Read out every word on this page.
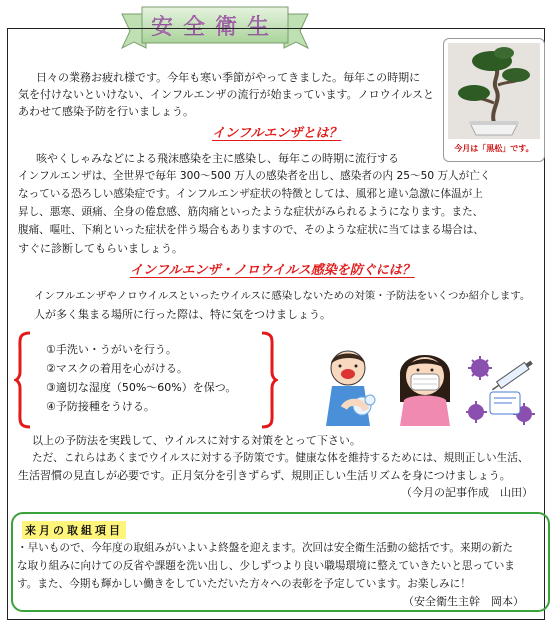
安全衛生
今月は「黒松」です。
日々の業務お疲れ様です。今年も寒い季節がやってきました。毎年この時期に
気を付けないといけない、インフルエンザの流行が始まっています。ノロウイルスと
あわせて感染予防を行いましょう。
インフルエンザとは？
咳やくしゃみなどによる飛沫感染を主に感染し、毎年この時期に流行する
インフルエンザは、全世界で毎年 300～500 万人の感染者を出し、感染者の内 25～50 万人が亡く
なっている恐ろしい感染症です。インフルエンザ症状の特徴としては、風邪と違い急激に体温が上
昇し、悪寒、頭痛、全身の倦怠感、筋肉痛といったような症状がみられるようになります。また、
腹痛、嘔吐、下痢といった症状を伴う場合もありますので、そのような症状に当てはまる場合は、
すぐに診断してもらいましょう。
インフルエンザ・ノロウイルス感染を防ぐには？
インフルエンザやノロウイルスといったウイルスに感染しないための対策・予防法をいくつか紹介します。
人が多く集まる場所に行った際は、特に気をつけましょう。
①手洗い・うがいを行う。
②マスクの着用を心がける。
③適切な湿度（50%～60%）を保つ。
④予防接種をうける。
以上の予防法を実践して、ウイルスに対する対策をとって下さい。
ただ、これらはあくまでウイルスに対する予防策です。健康な体を維持するためには、規則正しい生活、
生活習慣の見直しが必要です。正月気分を引きずらず、規則正しい生活リズムを身につけましょう。
（今月の記事作成　山田）
来月の取組項目
・早いもので、今年度の取組みがいよいよ終盤を迎えます。次回は安全衛生活動の総括です。来期の新た
な取り組みに向けての反省や課題を洗い出し、少しずつより良い職場環境に整えていきたいと思っていま
す。また、今期も輝かしい働きをしていただいた方々への表彰を予定しています。お楽しみに！
（安全衛生主幹　岡本）
